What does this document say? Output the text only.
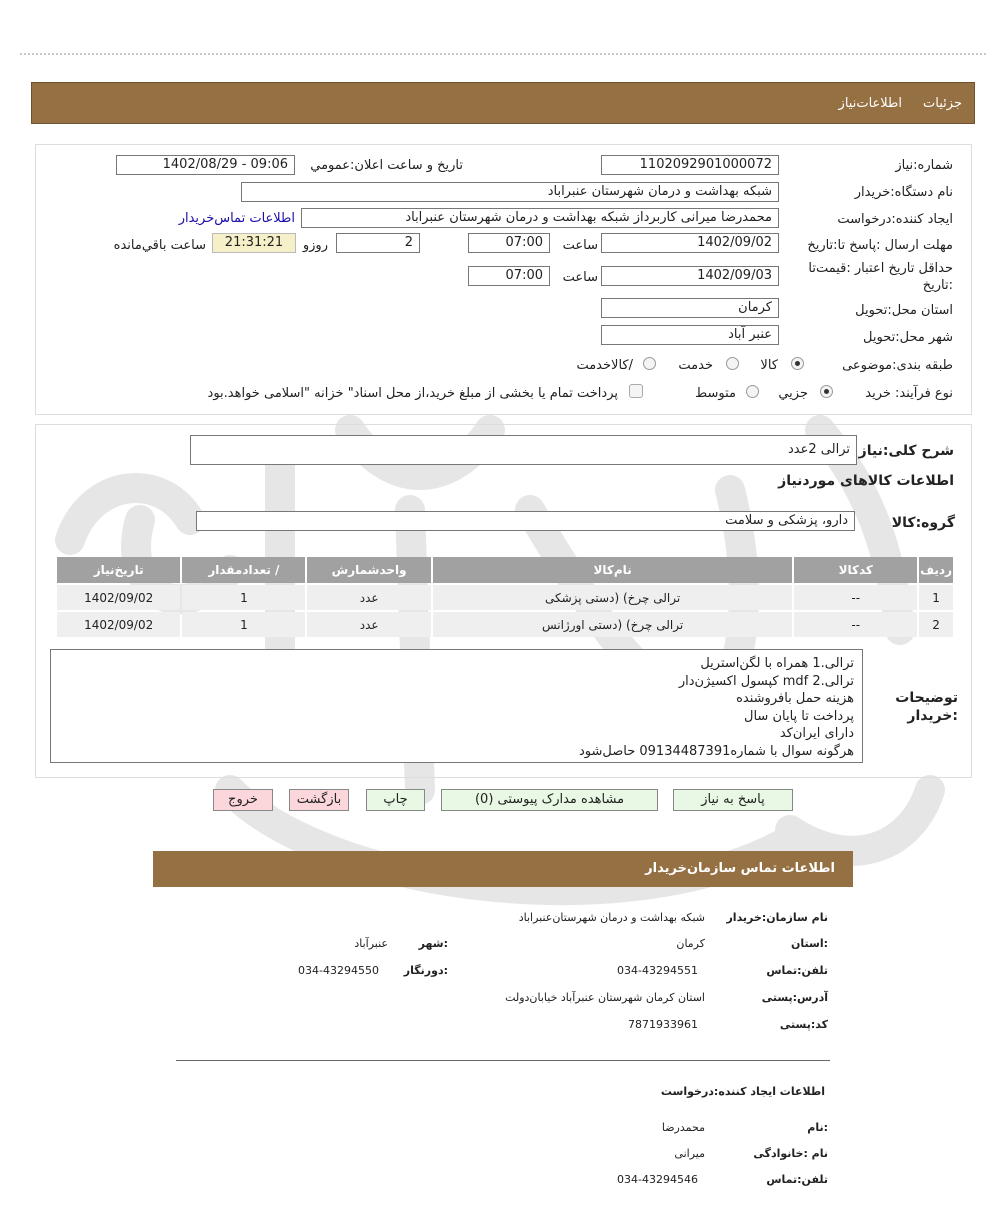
جزئیات
اطلاعات‌نیاز
شماره:نیاز
1102092901000072
تاریخ و ساعت اعلان:عمومي
1402/08/29 - 09:06
نام دستگاه:خریدار
شبکه بهداشت و درمان شهرستان عنبراباد
ایجاد کننده:درخواست
محمدرضا میرانی کاربرداز شبکه بهداشت و درمان شهرستان عنبراباد
اطلاعات تماس‌خریدار
مهلت ارسال :پاسخ تا:تاریخ
1402/09/02
ساعت
07:00
2
روزو
21:31:21
ساعت باقي‌مانده
حداقل تاریخ اعتبار :قیمت‌تا
:تاریخ
1402/09/03
ساعت
07:00
استان محل:تحویل
کرمان
شهر محل:تحویل
عنبر آباد
طبقه بندی:موضوعی
کالا
خدمت
/کالاخدمت
نوع فرآیند: خرید
جزیي
متوسط
پرداخت تمام یا بخشی از مبلغ خرید،از محل اسناد" خزانه "اسلامی خواهد.بود
شرح کلی:نیاز
ترالی 2عدد
اطلاعات کالاهای موردنیاز
گروه:کالا
دارو، پزشکی و سلامت
ردیف	کدکالا	نام‌کالا	واحدشمارش	/ تعدادمقدار	تاریخ‌نیاز
1	--	ترالی چرخ) (دستی پزشکی	عدد	1	1402/09/02
2	--	ترالی چرخ) (دستی اورژانس	عدد	1	1402/09/02
توضیحات
:خریدار
ترالی.1 همراه با لگن‌استریل
ترالی.2 mdf کپسول اکسیژن‌دار
هزینه حمل بافروشنده
پرداخت تا پایان سال
دارای ایران‌کد
هرگونه سوال با شماره09134487391 حاصل‌شود
پاسخ به نیاز
مشاهده مدارک پیوستی (0)
چاپ
بازگشت
خروج
اطلاعات تماس سازمان‌خریدار
نام سازمان:خریدار
شبکه بهداشت و درمان شهرستان‌عنبراباد
:استان
کرمان
:شهر
عنبرآباد
تلفن:تماس
034-43294551
:دورنگار
034-43294550
آدرس:پستی
استان کرمان شهرستان عنبرآباد خیابان‌دولت
کد:پستی
7871933961
اطلاعات ایجاد کننده:درخواست
:نام
محمدرضا
نام :خانوادگی
میرانی
تلفن:تماس
034-43294546
